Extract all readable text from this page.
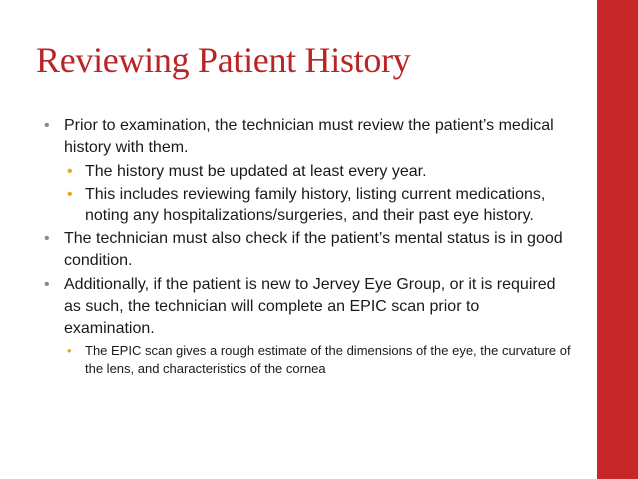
Reviewing Patient History
• Prior to examination, the technician must review the patient’s medical history with them.
• The history must be updated at least every year.
• This includes reviewing family history, listing current medications, noting any hospitalizations/surgeries, and their past eye history.
• The technician must also check if the patient’s mental status is in good condition.
• Additionally, if the patient is new to Jervey Eye Group, or it is required as such, the technician will complete an EPIC scan prior to examination.
• The EPIC scan gives a rough estimate of the dimensions of the eye, the curvature of the lens, and characteristics of the cornea
